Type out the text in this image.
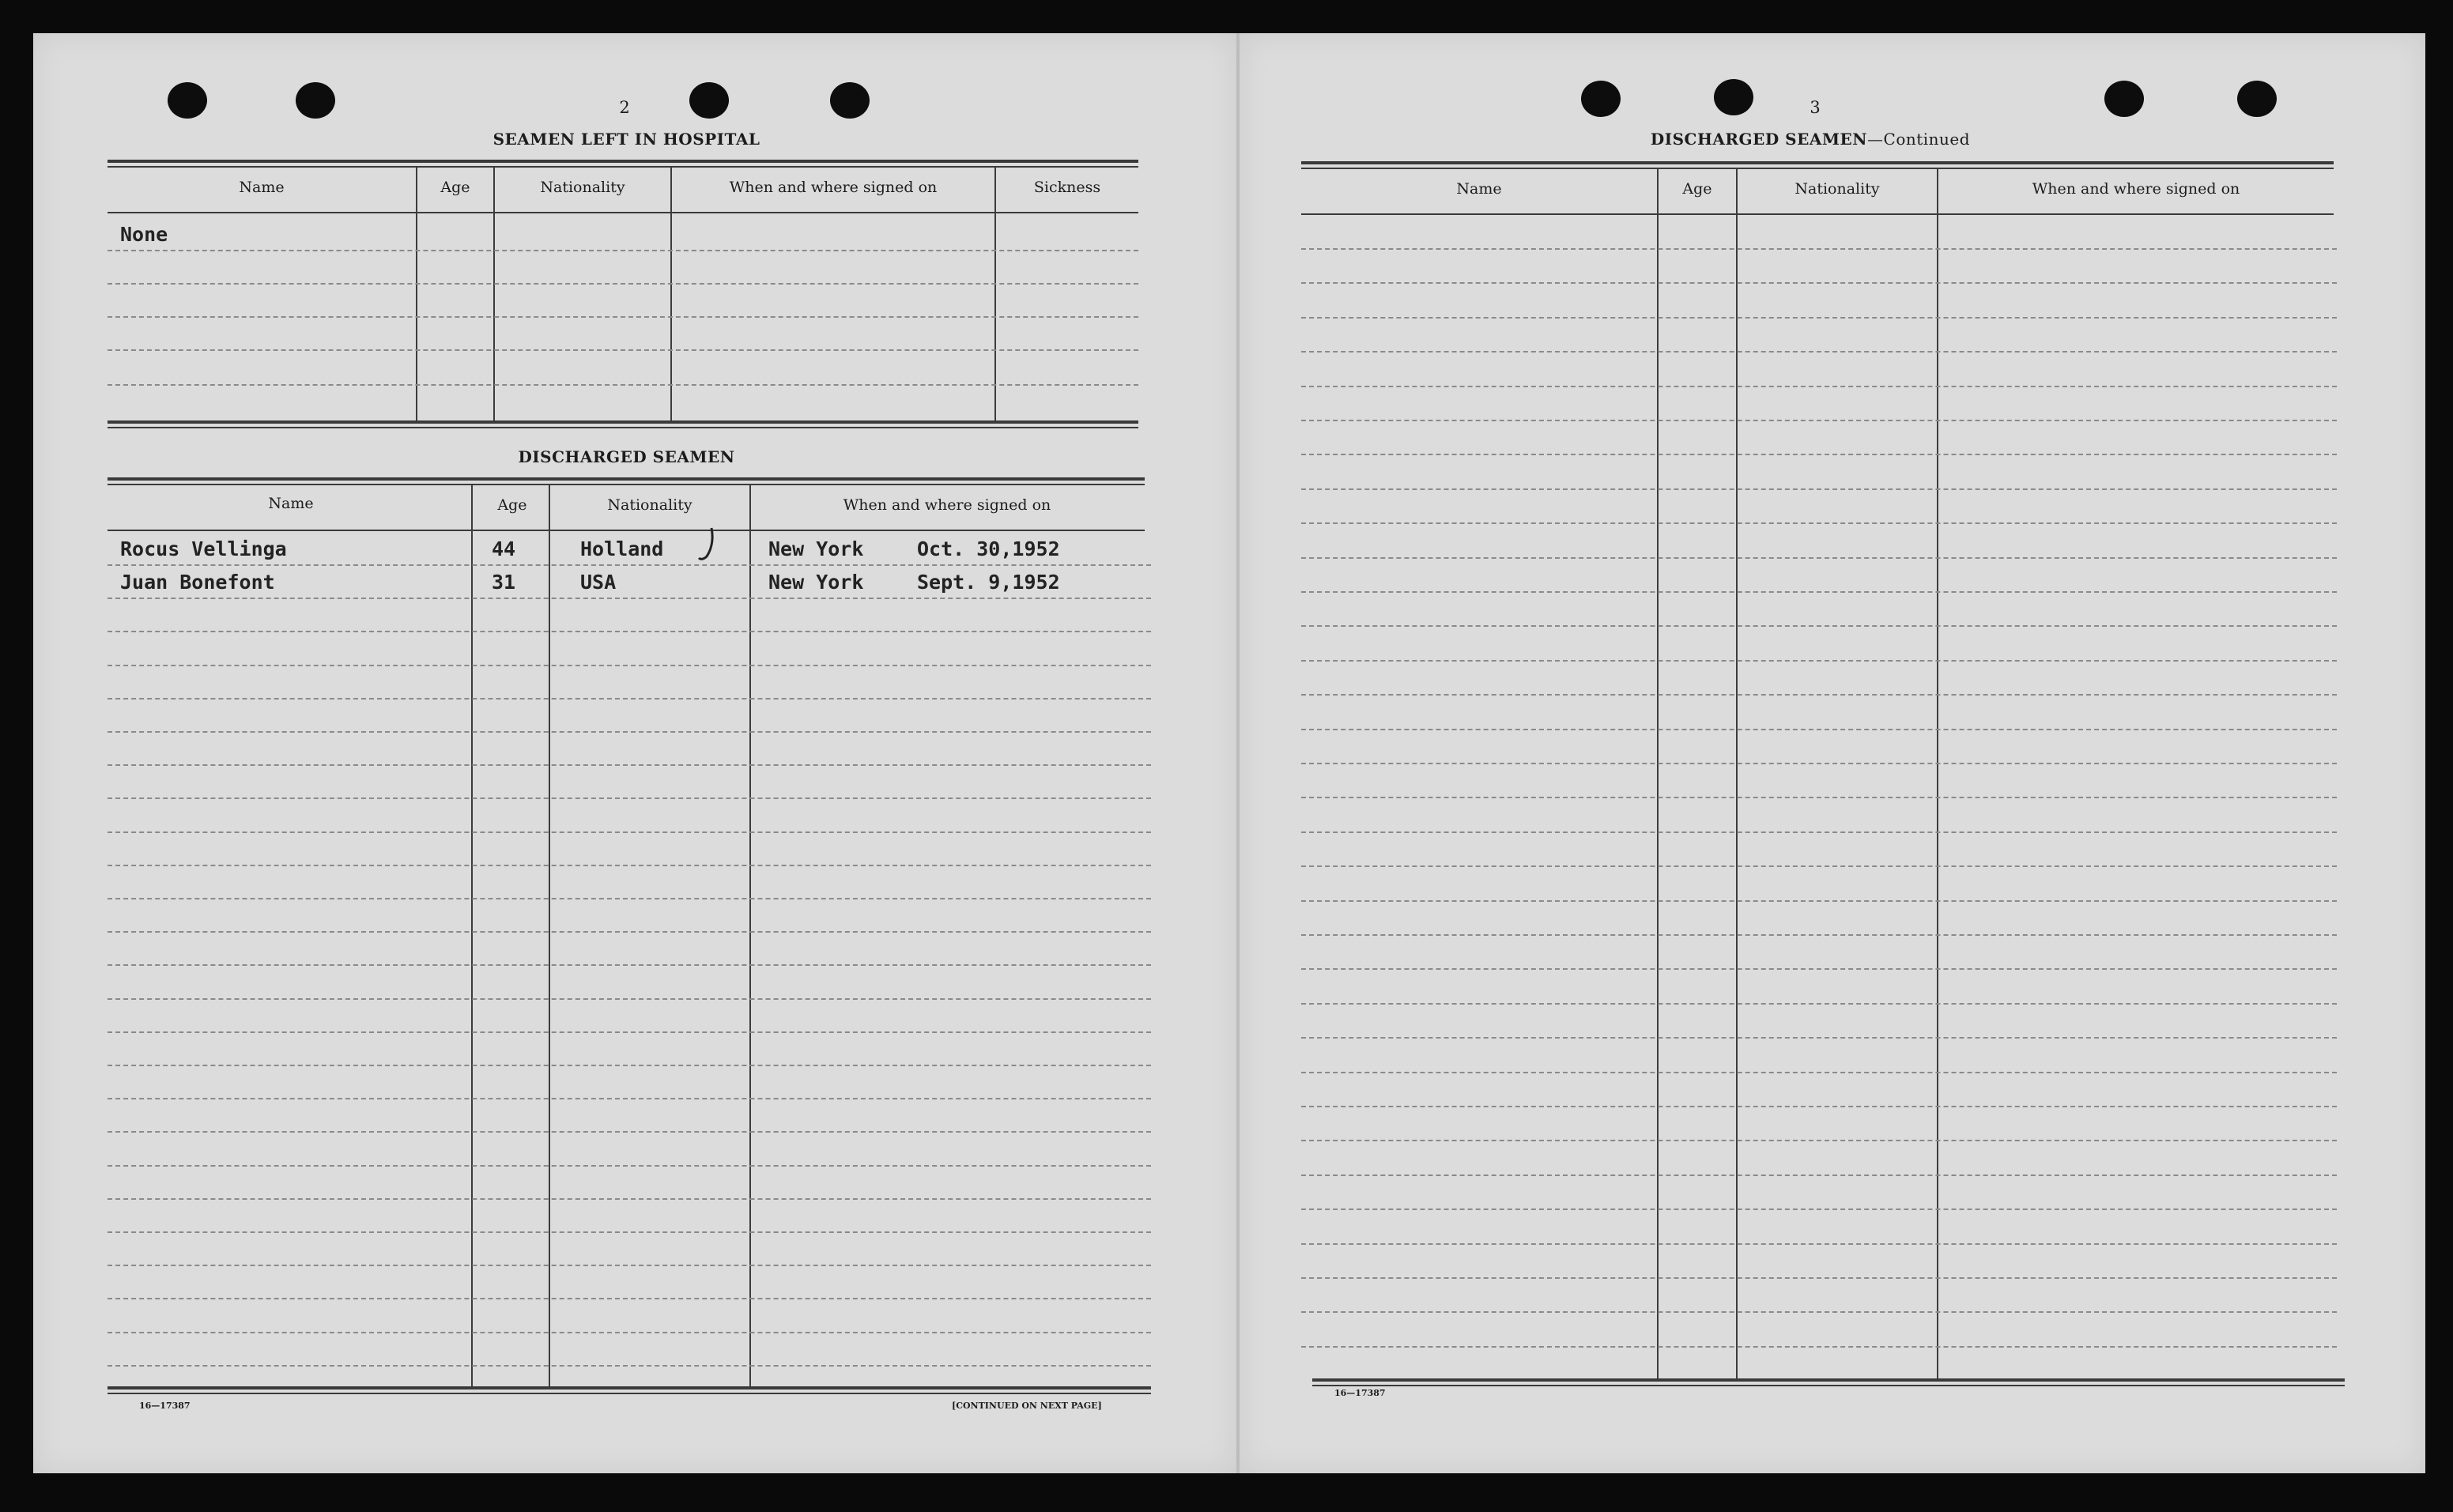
2
SEAMEN LEFT IN HOSPITAL
Name	Age	Nationality	When and where signed on	Sickness
None
DISCHARGED SEAMEN
Name	Age	Nationality	When and where signed on
Rocus Vellinga	44	Holland	New York	Oct. 30,1952
Juan Bonefont	31	USA	New York	Sept. 9,1952
16—17387	[CONTINUED ON NEXT PAGE]
3
DISCHARGED SEAMEN—Continued
Name	Age	Nationality	When and where signed on
16—17387
